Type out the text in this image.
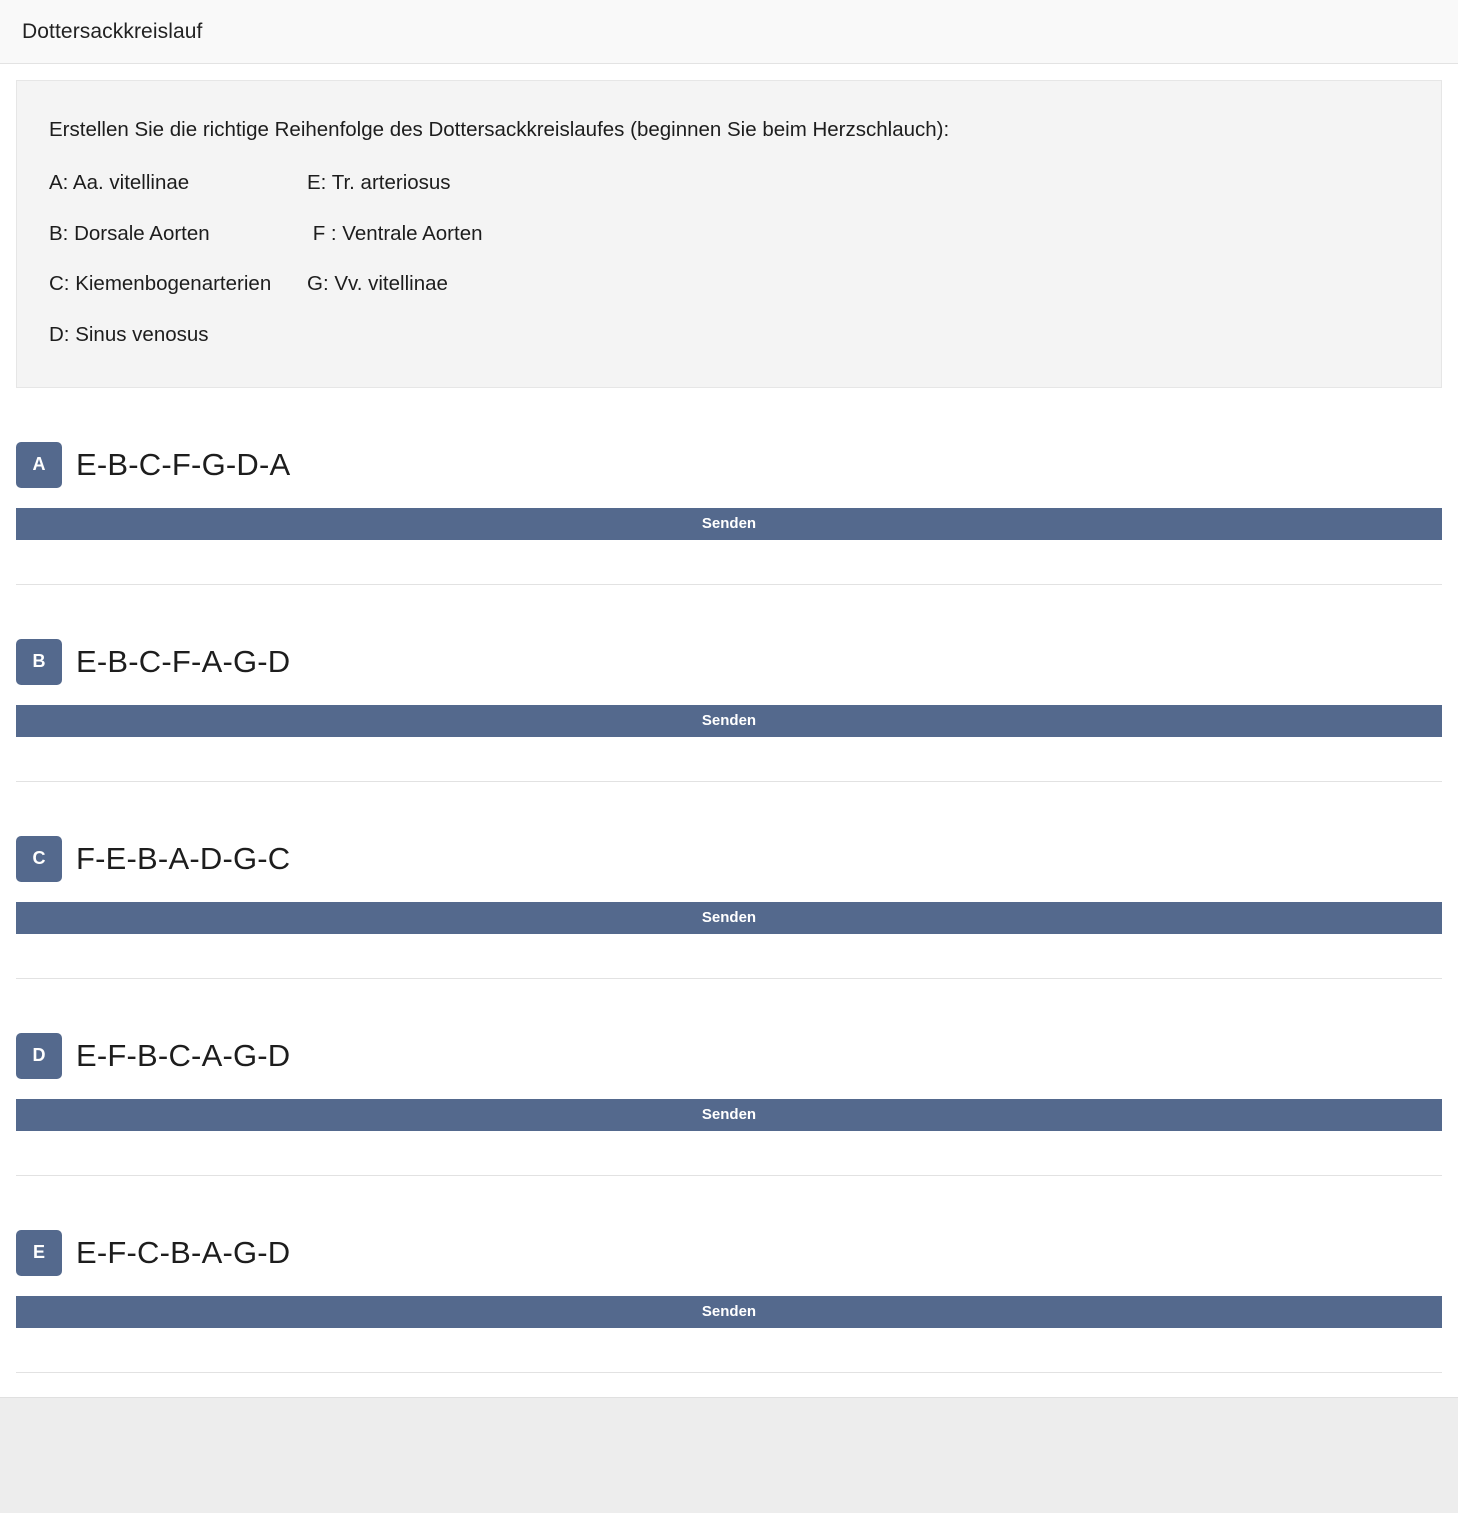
Dottersackkreislauf

Erstellen Sie die richtige Reihenfolge des Dottersackkreislaufes (beginnen Sie beim Herzschlauch):

A: Aa. vitellinae	E: Tr. arteriosus
B: Dorsale Aorten	F : Ventrale Aorten
C: Kiemenbogenarterien	G: Vv. vitellinae
D: Sinus venosus
A E-B-C-F-G-D-A
Senden
B E-B-C-F-A-G-D
Senden
C F-E-B-A-D-G-C
Senden
D E-F-B-C-A-G-D
Senden
E	E-F-C-B-A-G-D
Senden
